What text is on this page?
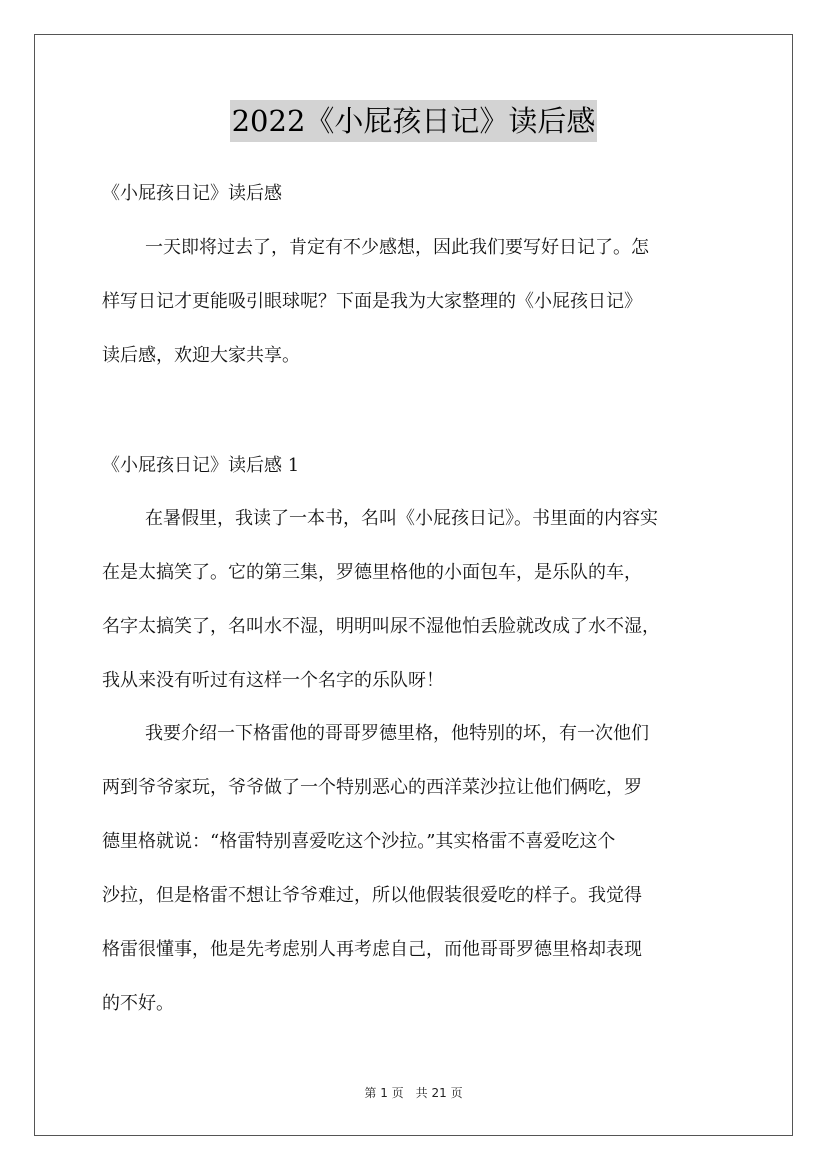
2022《小屁孩日记》读后感
《小屁孩日记》读后感
一天即将过去了，肯定有不少感想，因此我们要写好日记了。怎
样写日记才更能吸引眼球呢？下面是我为大家整理的《小屁孩日记》
读后感，欢迎大家共享。
《小屁孩日记》读后感 1
在暑假里，我读了一本书，名叫《小屁孩日记》。书里面的内容实
在是太搞笑了。它的第三集，罗德里格他的小面包车，是乐队的车，
名字太搞笑了，名叫水不湿，明明叫尿不湿他怕丢脸就改成了水不湿，
我从来没有听过有这样一个名字的乐队呀！
我要介绍一下格雷他的哥哥罗德里格，他特别的坏，有一次他们
两到爷爷家玩，爷爷做了一个特别恶心的西洋菜沙拉让他们俩吃，罗
德里格就说：“格雷特别喜爱吃这个沙拉。”其实格雷不喜爱吃这个
沙拉，但是格雷不想让爷爷难过，所以他假装很爱吃的样子。我觉得
格雷很懂事，他是先考虑别人再考虑自己，而他哥哥罗德里格却表现
的不好。
第 1 页　共 21 页
